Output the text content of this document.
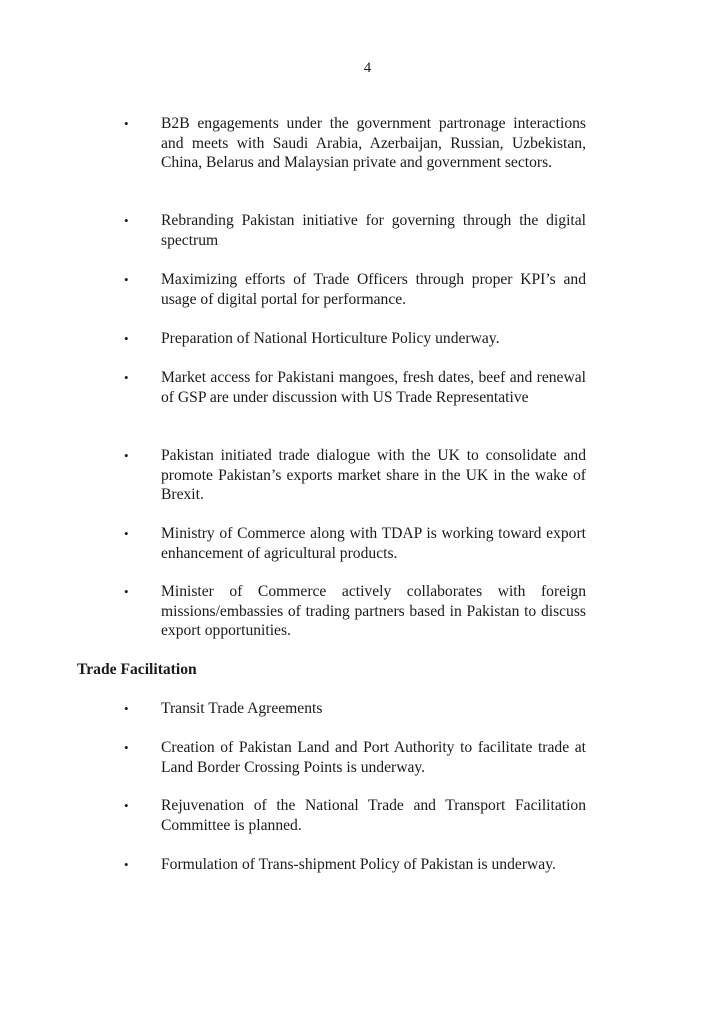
4
•	B2B engagements under the government partronage interactions and meets with Saudi Arabia, Azerbaijan, Russian, Uzbekistan, China, Belarus and Malaysian private and government sectors.
•	Rebranding Pakistan initiative for governing through the digital spectrum
•	Maximizing efforts of Trade Officers through proper KPI’s and usage of digital portal for performance.
•	Preparation of National Horticulture Policy underway.
•	Market access for Pakistani mangoes, fresh dates, beef and renewal of GSP are under discussion with US Trade Representative
•	Pakistan initiated trade dialogue with the UK to consolidate and promote Pakistan’s exports market share in the UK in the wake of Brexit.
•	Ministry of Commerce along with TDAP is working toward export enhancement of agricultural products.
•	Minister of Commerce actively collaborates with foreign missions/embassies of trading partners based in Pakistan to discuss export opportunities.
Trade Facilitation
•	Transit Trade Agreements
•	Creation of Pakistan Land and Port Authority to facilitate trade at Land Border Crossing Points is underway.
•	Rejuvenation of the National Trade and Transport Facilitation Committee is planned.
•	Formulation of Trans-shipment Policy of Pakistan is underway.
